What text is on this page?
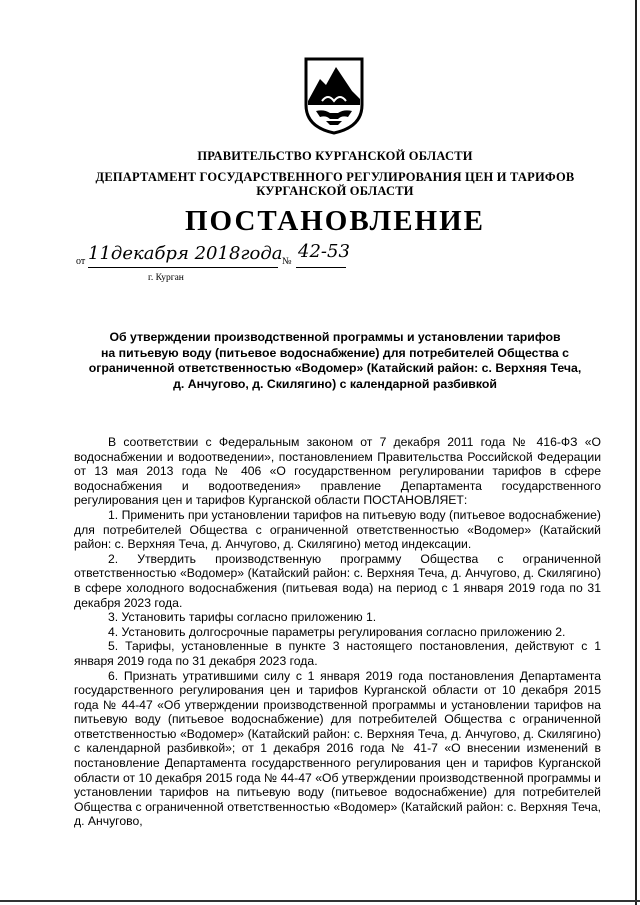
ПРАВИТЕЛЬСТВО КУРГАНСКОЙ ОБЛАСТИ
ДЕПАРТАМЕНТ ГОСУДАРСТВЕННОГО РЕГУЛИРОВАНИЯ ЦЕН И ТАРИФОВ
КУРГАНСКОЙ ОБЛАСТИ
ПОСТАНОВЛЕНИЕ
от 11декабря 2018года № 42-53
г. Курган
Об утверждении производственной программы и установлении тарифов
на питьевую воду (питьевое водоснабжение) для потребителей Общества с
ограниченной ответственностью «Водомер» (Катайский район: с. Верхняя Теча,
д. Анчугово, д. Скилягино) с календарной разбивкой

В соответствии с Федеральным законом от 7 декабря 2011 года № 416-ФЗ «О водоснабжении и водоотведении», постановлением Правительства Российской Федерации от 13 мая 2013 года № 406 «О государственном регулировании тарифов в сфере водоснабжения и водоотведения» правление Департамента государственного регулирования цен и тарифов Курганской области ПОСТАНОВЛЯЕТ:

1. Применить при установлении тарифов на питьевую воду (питьевое водоснабжение) для потребителей Общества с ограниченной ответственностью «Водомер» (Катайский район: с. Верхняя Теча, д. Анчугово, д. Скилягино) метод индексации.

2. Утвердить производственную программу Общества с ограниченной ответственностью «Водомер» (Катайский район: с. Верхняя Теча, д. Анчугово, д. Скилягино) в сфере холодного водоснабжения (питьевая вода) на период с 1 января 2019 года по 31 декабря 2023 года.

3. Установить тарифы согласно приложению 1.

4. Установить долгосрочные параметры регулирования согласно приложению 2.

5. Тарифы, установленные в пункте 3 настоящего постановления, действуют с 1 января 2019 года по 31 декабря 2023 года.

6. Признать утратившими силу с 1 января 2019 года постановления Департамента государственного регулирования цен и тарифов Курганской области от 10 декабря 2015 года № 44-47 «Об утверждении производственной программы и установлении тарифов на питьевую воду (питьевое водоснабжение) для потребителей Общества с ограниченной ответственностью «Водомер» (Катайский район: с. Верхняя Теча, д. Анчугово, д. Скилягино) с календарной разбивкой»; от 1 декабря 2016 года № 41-7 «О внесении изменений в постановление Департамента государственного регулирования цен и тарифов Курганской области от 10 декабря 2015 года № 44-47 «Об утверждении производственной программы и установлении тарифов на питьевую воду (питьевое водоснабжение) для потребителей Общества с ограниченной ответственностью «Водомер» (Катайский район: с. Верхняя Теча, д. Анчугово,
